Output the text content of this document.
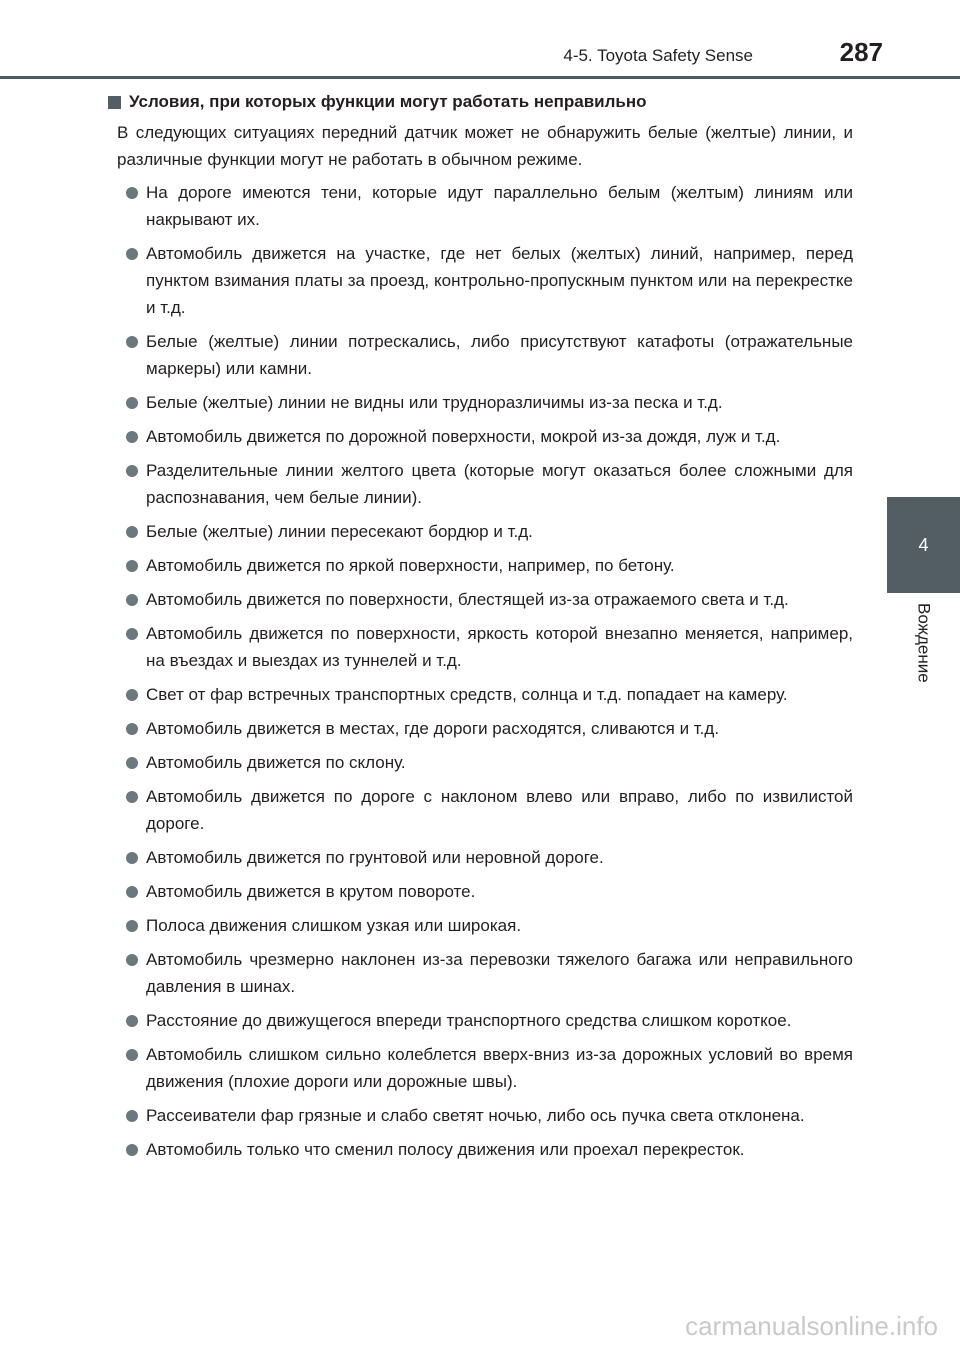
4-5. Toyota Safety Sense	287
4
Вождение
Условия, при которых функции могут работать неправильно
В следующих ситуациях передний датчик может не обнаружить белые (желтые) линии, и различные функции могут не работать в обычном режиме.
На дороге имеются тени, которые идут параллельно белым (желтым) линиям или накрывают их.
Автомобиль движется на участке, где нет белых (желтых) линий, например, перед пунктом взимания платы за проезд, контрольно-пропускным пунктом или на перекрестке и т.д.
Белые (желтые) линии потрескались, либо присутствуют катафоты (отражательные маркеры) или камни.
Белые (желтые) линии не видны или трудноразличимы из-за песка и т.д.
Автомобиль движется по дорожной поверхности, мокрой из-за дождя, луж и т.д.
Разделительные линии желтого цвета (которые могут оказаться более сложными для распознавания, чем белые линии).
Белые (желтые) линии пересекают бордюр и т.д.
Автомобиль движется по яркой поверхности, например, по бетону.
Автомобиль движется по поверхности, блестящей из-за отражаемого света и т.д.
Автомобиль движется по поверхности, яркость которой внезапно меняется, например, на въездах и выездах из туннелей и т.д.
Свет от фар встречных транспортных средств, солнца и т.д. попадает на камеру.
Автомобиль движется в местах, где дороги расходятся, сливаются и т.д.
Автомобиль движется по склону.
Автомобиль движется по дороге с наклоном влево или вправо, либо по извилистой дороге.
Автомобиль движется по грунтовой или неровной дороге.
Автомобиль движется в крутом повороте.
Полоса движения слишком узкая или широкая.
Автомобиль чрезмерно наклонен из-за перевозки тяжелого багажа или неправильного давления в шинах.
Расстояние до движущегося впереди транспортного средства слишком короткое.
Автомобиль слишком сильно колеблется вверх-вниз из-за дорожных условий во время движения (плохие дороги или дорожные швы).
Рассеиватели фар грязные и слабо светят ночью, либо ось пучка света отклонена.
Автомобиль только что сменил полосу движения или проехал перекресток.
carmanualsonline.info
